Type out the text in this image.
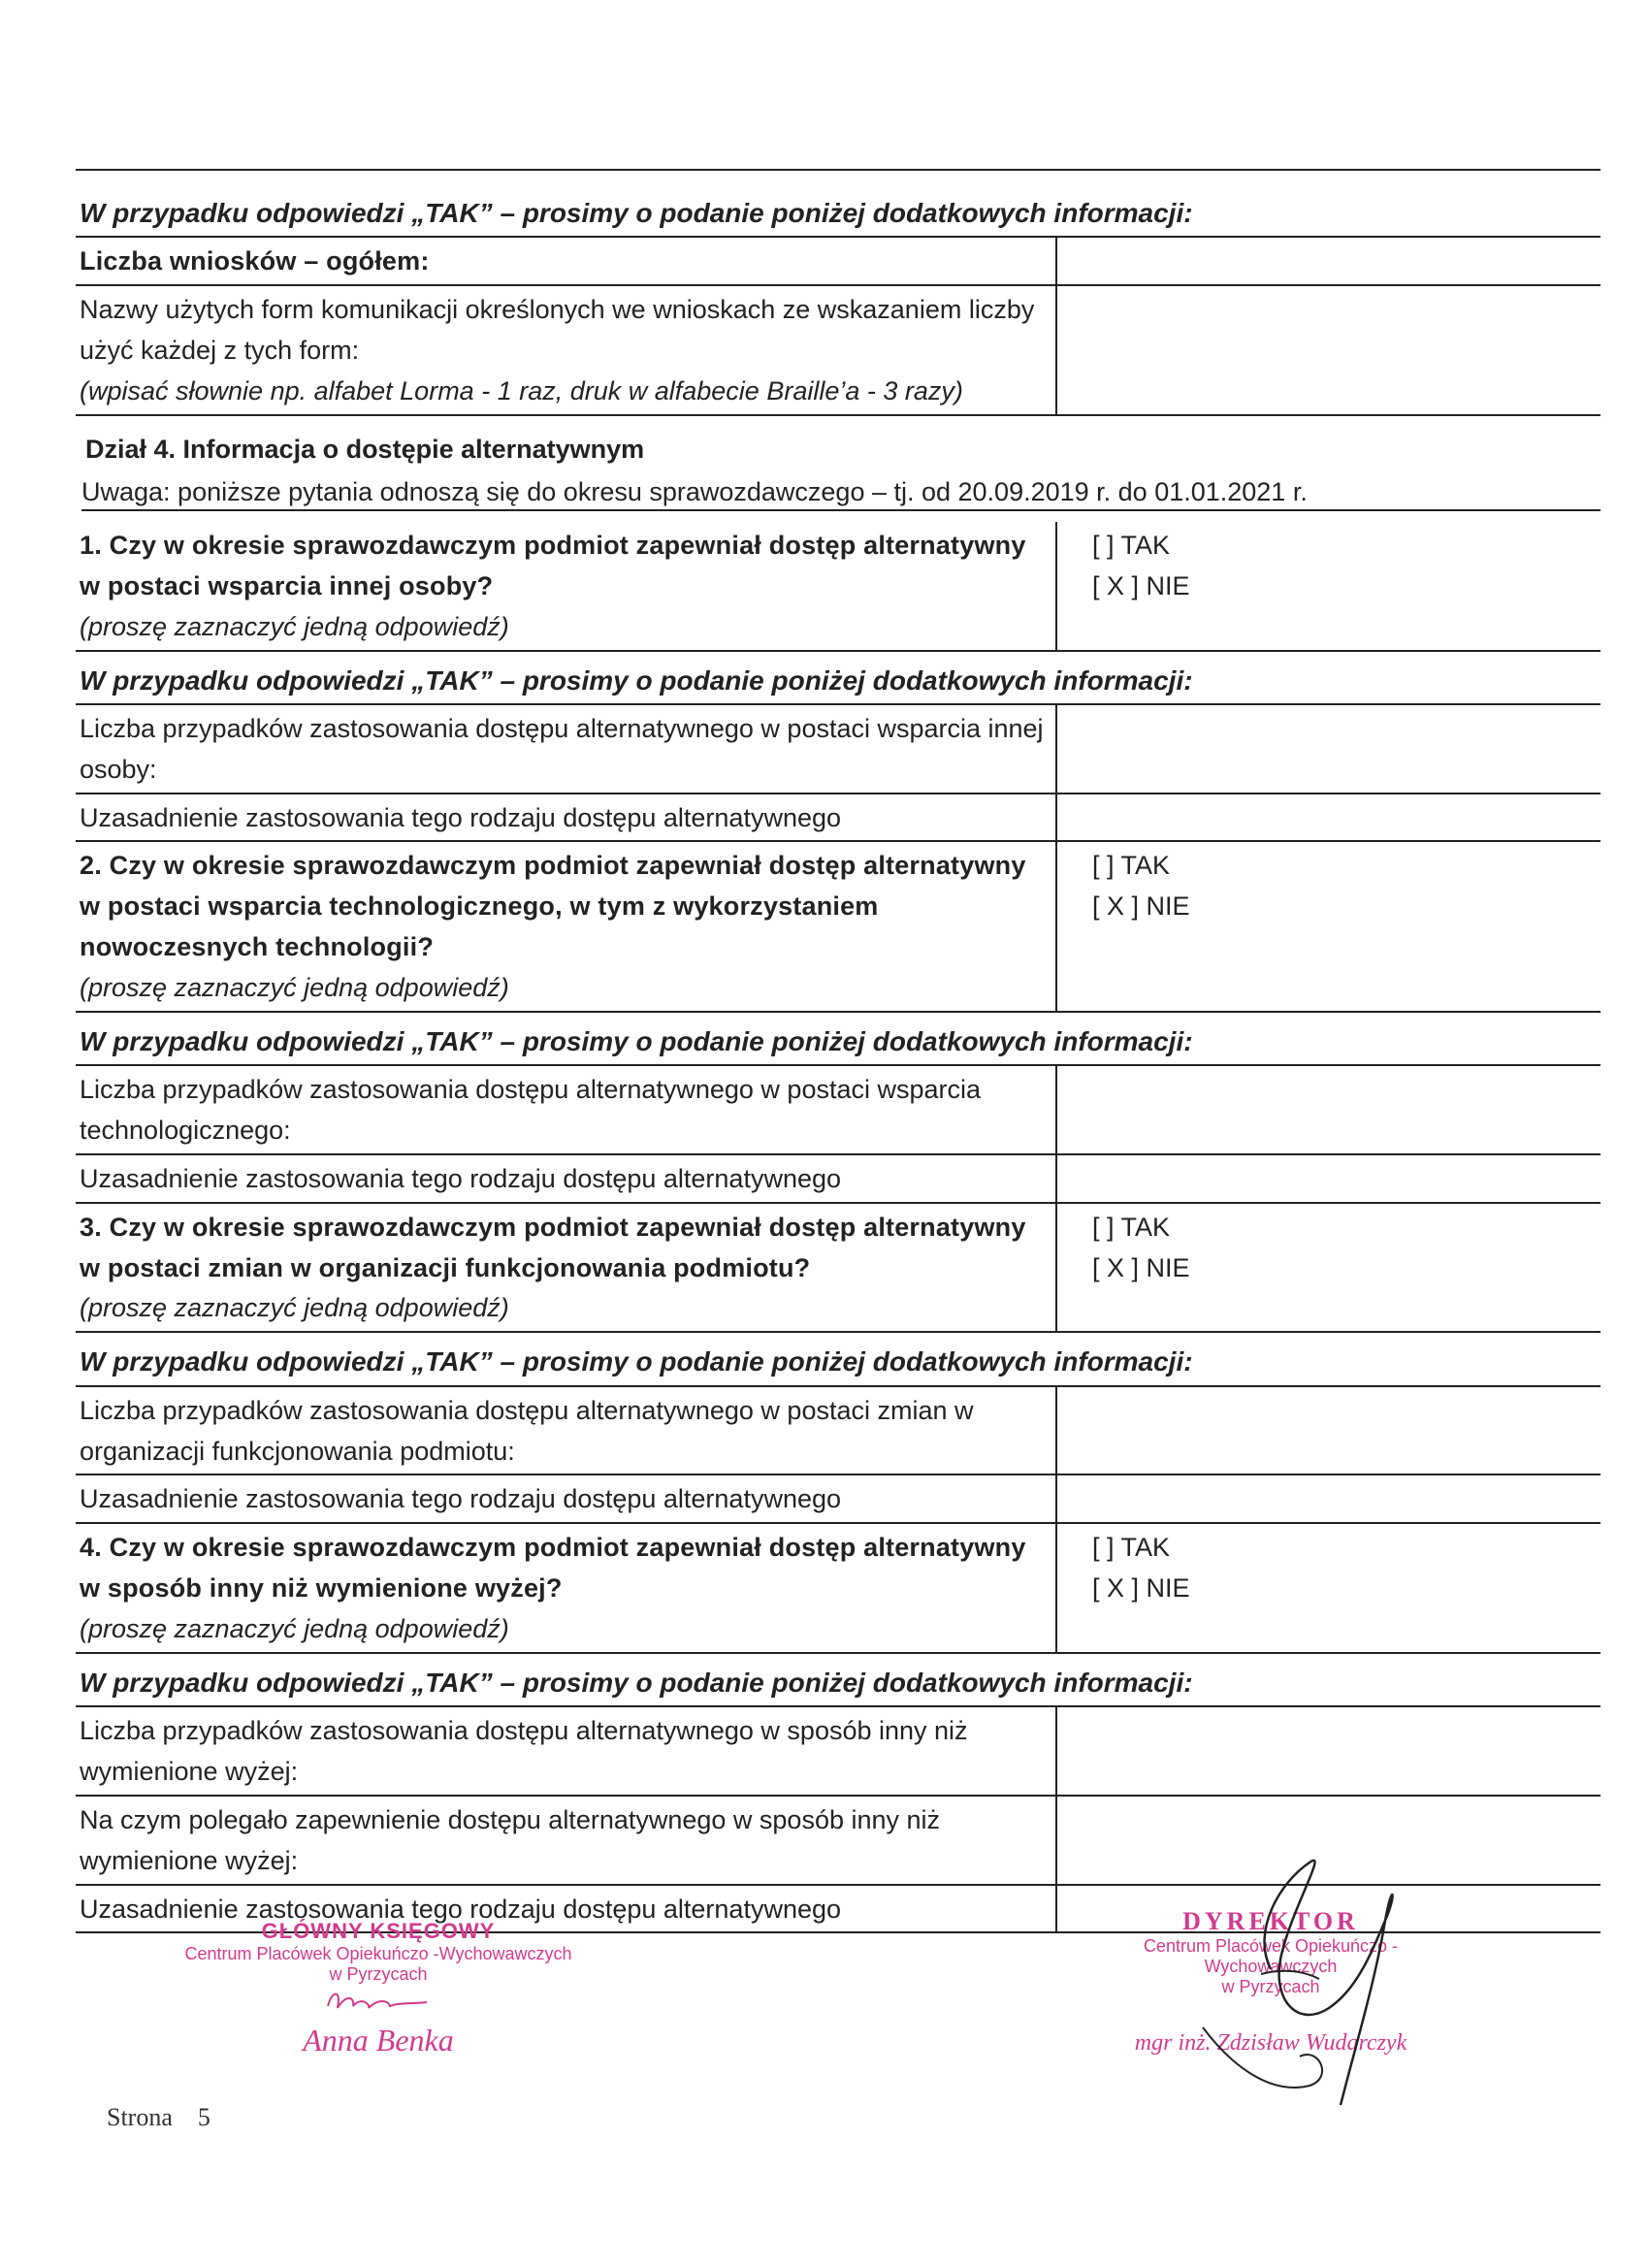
W przypadku odpowiedzi „TAK” – prosimy o podanie poniżej dodatkowych informacji:	
Liczba wniosków – ogółem:	

Nazwy użytych form komunikacji określonych we wnioskach ze wskazaniem liczby
użyć każdej z tych form:
(wpisać słownie np. alfabet Lorma - 1 raz, druk w alfabecie Braille’a - 3 razy)	

Dział 4. Informacja o dostępie alternatywnym
Uwaga: poniższe pytania odnoszą się do okresu sprawozdawczego – tj. od 20.09.2019 r. do 01.01.2021 r.
1. Czy w okresie sprawozdawczym podmiot zapewniał dostęp alternatywny w postaci wsparcia innej osoby?
(proszę zaznaczyć jedną odpowiedź)	[ ] TAK
[ X ] NIE

W przypadku odpowiedzi „TAK” – prosimy o podanie poniżej dodatkowych informacji:	
Liczba przypadków zastosowania dostępu alternatywnego w postaci wsparcia innej osoby:	
Uzasadnienie zastosowania tego rodzaju dostępu alternatywnego	
2. Czy w okresie sprawozdawczym podmiot zapewniał dostęp alternatywny w postaci wsparcia technologicznego, w tym z wykorzystaniem nowoczesnych technologii?
(proszę zaznaczyć jedną odpowiedź)	[ ] TAK
[ X ] NIE

W przypadku odpowiedzi „TAK” – prosimy o podanie poniżej dodatkowych informacji:	
Liczba przypadków zastosowania dostępu alternatywnego w postaci wsparcia technologicznego:	
Uzasadnienie zastosowania tego rodzaju dostępu alternatywnego	
3. Czy w okresie sprawozdawczym podmiot zapewniał dostęp alternatywny w postaci zmian w organizacji funkcjonowania podmiotu?
(proszę zaznaczyć jedną odpowiedź)	[ ] TAK
[ X ] NIE

W przypadku odpowiedzi „TAK” – prosimy o podanie poniżej dodatkowych informacji:	
Liczba przypadków zastosowania dostępu alternatywnego w postaci zmian w organizacji funkcjonowania podmiotu:	
Uzasadnienie zastosowania tego rodzaju dostępu alternatywnego	
4. Czy w okresie sprawozdawczym podmiot zapewniał dostęp alternatywny w sposób inny niż wymienione wyżej?
(proszę zaznaczyć jedną odpowiedź)	[ ] TAK
[ X ] NIE

W przypadku odpowiedzi „TAK” – prosimy o podanie poniżej dodatkowych informacji:	
Liczba przypadków zastosowania dostępu alternatywnego w sposób inny niż wymienione wyżej:	
Na czym polegało zapewnienie dostępu alternatywnego w sposób inny niż wymienione wyżej:	
Uzasadnienie zastosowania tego rodzaju dostępu alternatywnego	
GŁÓWNY KSIĘGOWY
Centrum Placówek Opiekuńczo -Wychowawczych
w Pyrzycach
Anna Benka
DYREKTOR
Centrum Placówek Opiekuńczo -Wychowawczych
w Pyrzycach
mgr inż. Zdzisław Wudarczyk
Strona 5
